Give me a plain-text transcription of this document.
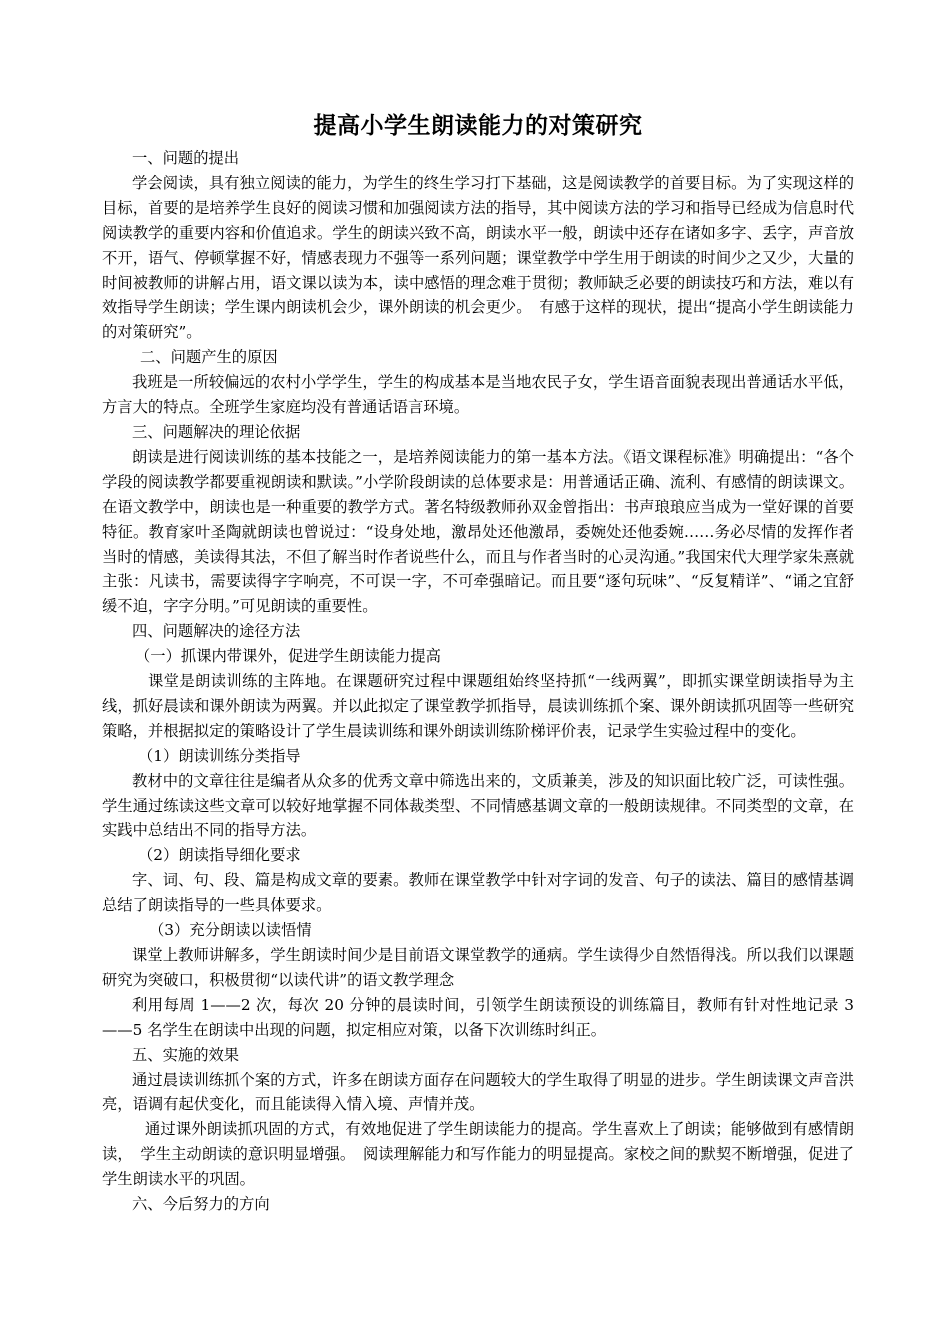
提高小学生朗读能力的对策研究

一、问题的提出

学会阅读，具有独立阅读的能力，为学生的终生学习打下基础，这是阅读教学的首要目标。为了实现这样的目标，首要的是培养学生良好的阅读习惯和加强阅读方法的指导，其中阅读方法的学习和指导已经成为信息时代阅读教学的重要内容和价值追求。学生的朗读兴致不高，朗读水平一般，朗读中还存在诸如多字、丢字，声音放不开，语气、停顿掌握不好，情感表现力不强等一系列问题；课堂教学中学生用于朗读的时间少之又少，大量的时间被教师的讲解占用，语文课以读为本，读中感悟的理念难于贯彻；教师缺乏必要的朗读技巧和方法，难以有效指导学生朗读；学生课内朗读机会少，课外朗读的机会更少。　有感于这样的现状，提出“提高小学生朗读能力的对策研究”。

二、问题产生的原因

我班是一所较偏远的农村小学学生，学生的构成基本是当地农民子女，学生语音面貌表现出普通话水平低，方言大的特点。全班学生家庭均没有普通话语言环境。

三、问题解决的理论依据

朗读是进行阅读训练的基本技能之一，是培养阅读能力的第一基本方法。《语文课程标准》明确提出：“各个学段的阅读教学都要重视朗读和默读。”小学阶段朗读的总体要求是：用普通话正确、流利、有感情的朗读课文。在语文教学中，朗读也是一种重要的教学方式。著名特级教师孙双金曾指出：书声琅琅应当成为一堂好课的首要特征。教育家叶圣陶就朗读也曾说过：“设身处地，激昂处还他激昂，委婉处还他委婉……务必尽情的发挥作者当时的情感，美读得其法，不但了解当时作者说些什么，而且与作者当时的心灵沟通。”我国宋代大理学家朱熹就主张：凡读书，需要读得字字响亮，不可误一字，不可牵强暗记。而且要“逐句玩味”、“反复精详”、“诵之宜舒缓不迫，字字分明。”可见朗读的重要性。

四、问题解决的途径方法

（一）抓课内带课外，促进学生朗读能力提高

课堂是朗读训练的主阵地。在课题研究过程中课题组始终坚持抓“一线两翼”，即抓实课堂朗读指导为主线，抓好晨读和课外朗读为两翼。并以此拟定了课堂教学抓指导，晨读训练抓个案、课外朗读抓巩固等一些研究策略，并根据拟定的策略设计了学生晨读训练和课外朗读训练阶梯评价表，记录学生实验过程中的变化。

（1）朗读训练分类指导

教材中的文章往往是编者从众多的优秀文章中筛选出来的，文质兼美，涉及的知识面比较广泛，可读性强。学生通过练读这些文章可以较好地掌握不同体裁类型、不同情感基调文章的一般朗读规律。不同类型的文章，在实践中总结出不同的指导方法。

（2）朗读指导细化要求

字、词、句、段、篇是构成文章的要素。教师在课堂教学中针对字词的发音、句子的读法、篇目的感情基调总结了朗读指导的一些具体要求。

（3）充分朗读以读悟情

课堂上教师讲解多，学生朗读时间少是目前语文课堂教学的通病。学生读得少自然悟得浅。所以我们以课题研究为突破口，积极贯彻“以读代讲”的语文教学理念

利用每周 1——2 次，每次 20 分钟的晨读时间，引领学生朗读预设的训练篇目，教师有针对性地记录 3——5 名学生在朗读中出现的问题，拟定相应对策，以备下次训练时纠正。

五、实施的效果

通过晨读训练抓个案的方式，许多在朗读方面存在问题较大的学生取得了明显的进步。学生朗读课文声音洪亮，语调有起伏变化，而且能读得入情入境、声情并茂。

通过课外朗读抓巩固的方式，有效地促进了学生朗读能力的提高。学生喜欢上了朗读；能够做到有感情朗读，　学生主动朗读的意识明显增强。　阅读理解能力和写作能力的明显提高。家校之间的默契不断增强，促进了学生朗读水平的巩固。

六、今后努力的方向
